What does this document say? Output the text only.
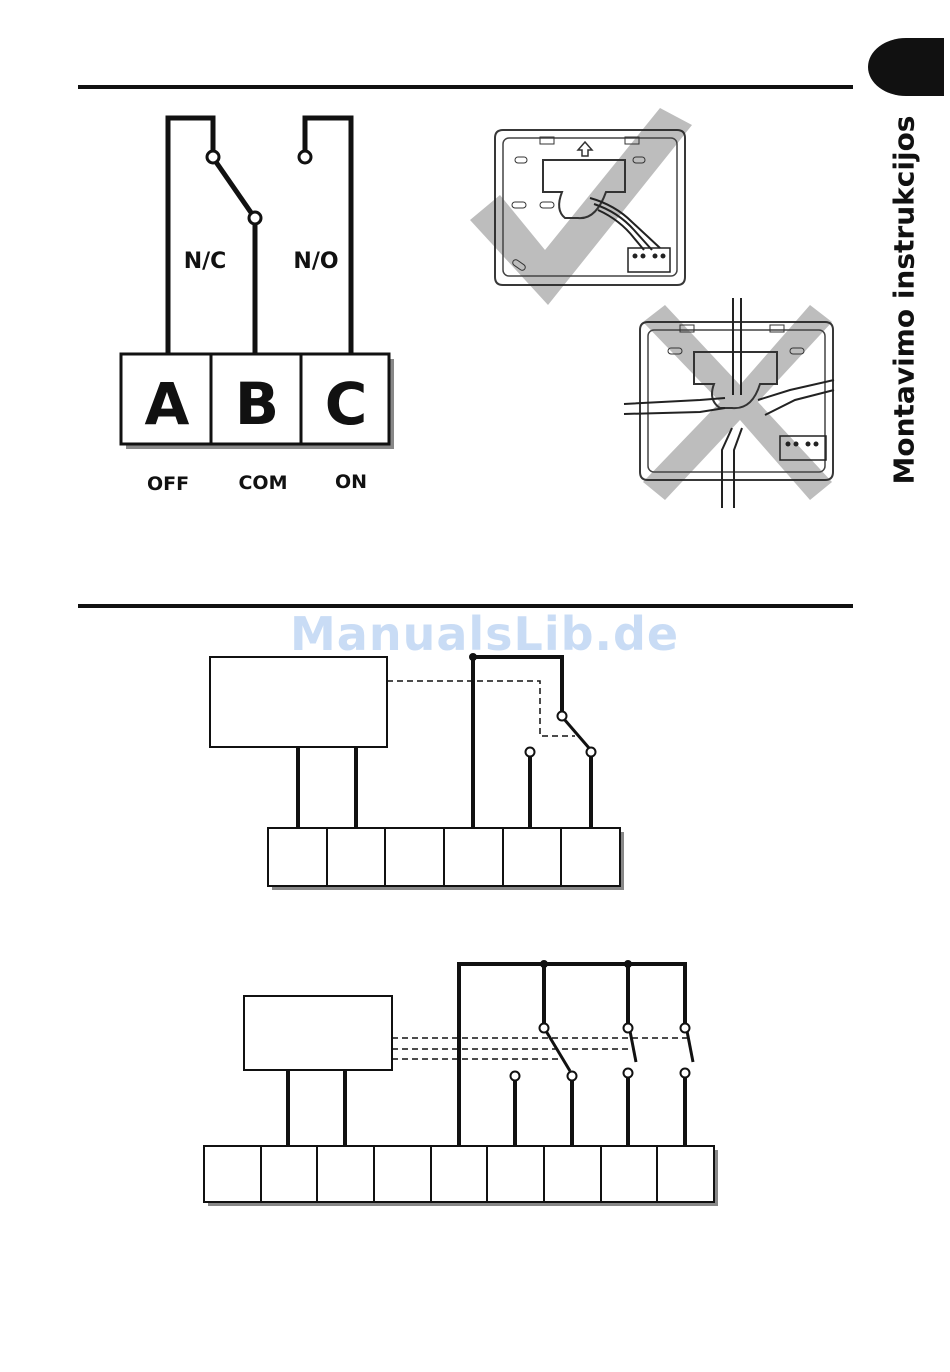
Montavimo instrukcijos
N/C	N/O
A B C
OFF	COM ON
ManualsLib.de
